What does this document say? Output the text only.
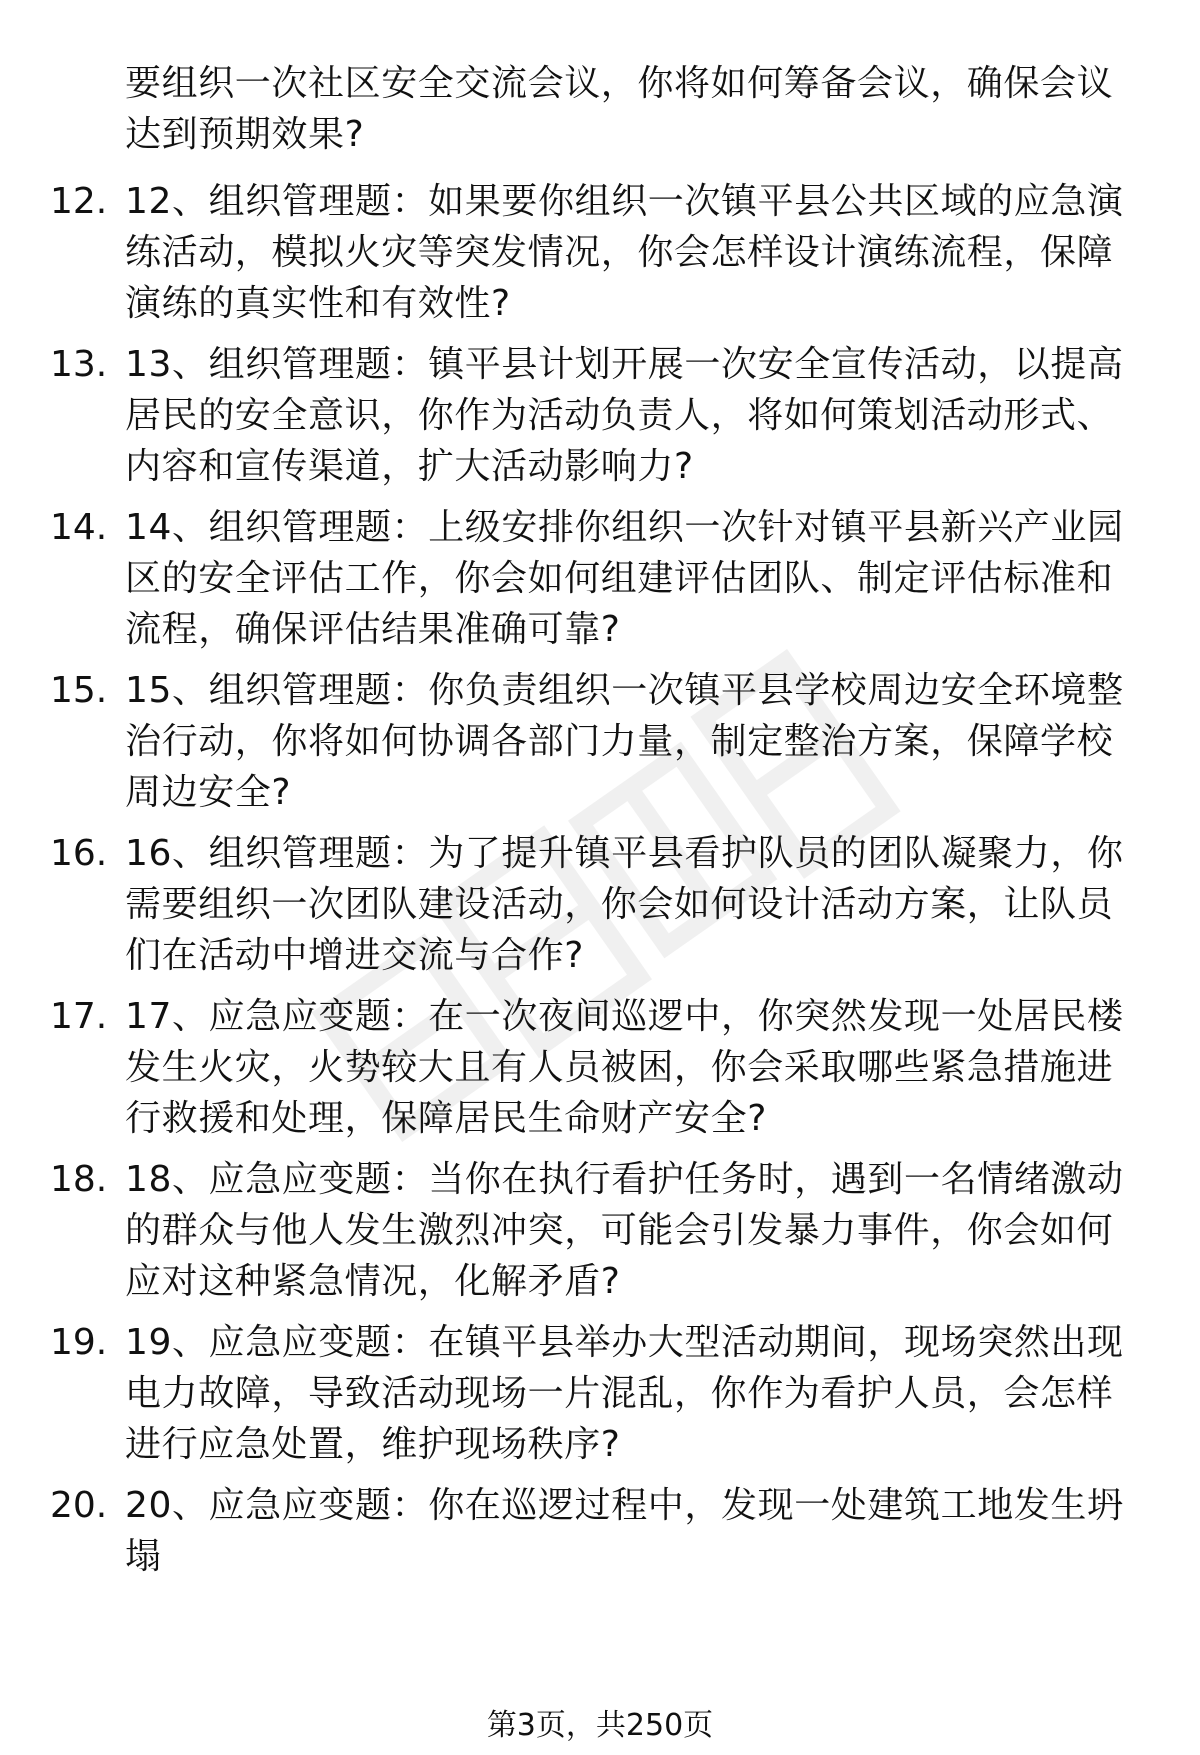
要组织一次社区安全交流会议，你将如何筹备会议，确保会议达到预期效果?
12. 12、组织管理题：如果要你组织一次镇平县公共区域的应急演练活动，模拟火灾等突发情况，你会怎样设计演练流程，保障演练的真实性和有效性?
13. 13、组织管理题：镇平县计划开展一次安全宣传活动，以提高居民的安全意识，你作为活动负责人，将如何策划活动形式、内容和宣传渠道，扩大活动影响力?
14. 14、组织管理题：上级安排你组织一次针对镇平县新兴产业园区的安全评估工作，你会如何组建评估团队、制定评估标准和流程，确保评估结果准确可靠?
15. 15、组织管理题：你负责组织一次镇平县学校周边安全环境整治行动，你将如何协调各部门力量，制定整治方案，保障学校周边安全?
16. 16、组织管理题：为了提升镇平县看护队员的团队凝聚力，你需要组织一次团队建设活动，你会如何设计活动方案，让队员们在活动中增进交流与合作?
17. 17、应急应变题：在一次夜间巡逻中，你突然发现一处居民楼发生火灾，火势较大且有人员被困，你会采取哪些紧急措施进行救援和处理，保障居民生命财产安全?
18. 18、应急应变题：当你在执行看护任务时，遇到一名情绪激动的群众与他人发生激烈冲突，可能会引发暴力事件，你会如何应对这种紧急情况，化解矛盾?
19. 19、应急应变题：在镇平县举办大型活动期间，现场突然出现电力故障，导致活动现场一片混乱，你作为看护人员，会怎样进行应急处置，维护现场秩序?
20. 20、应急应变题：你在巡逻过程中，发现一处建筑工地发生坍塌
第3页，共250页
